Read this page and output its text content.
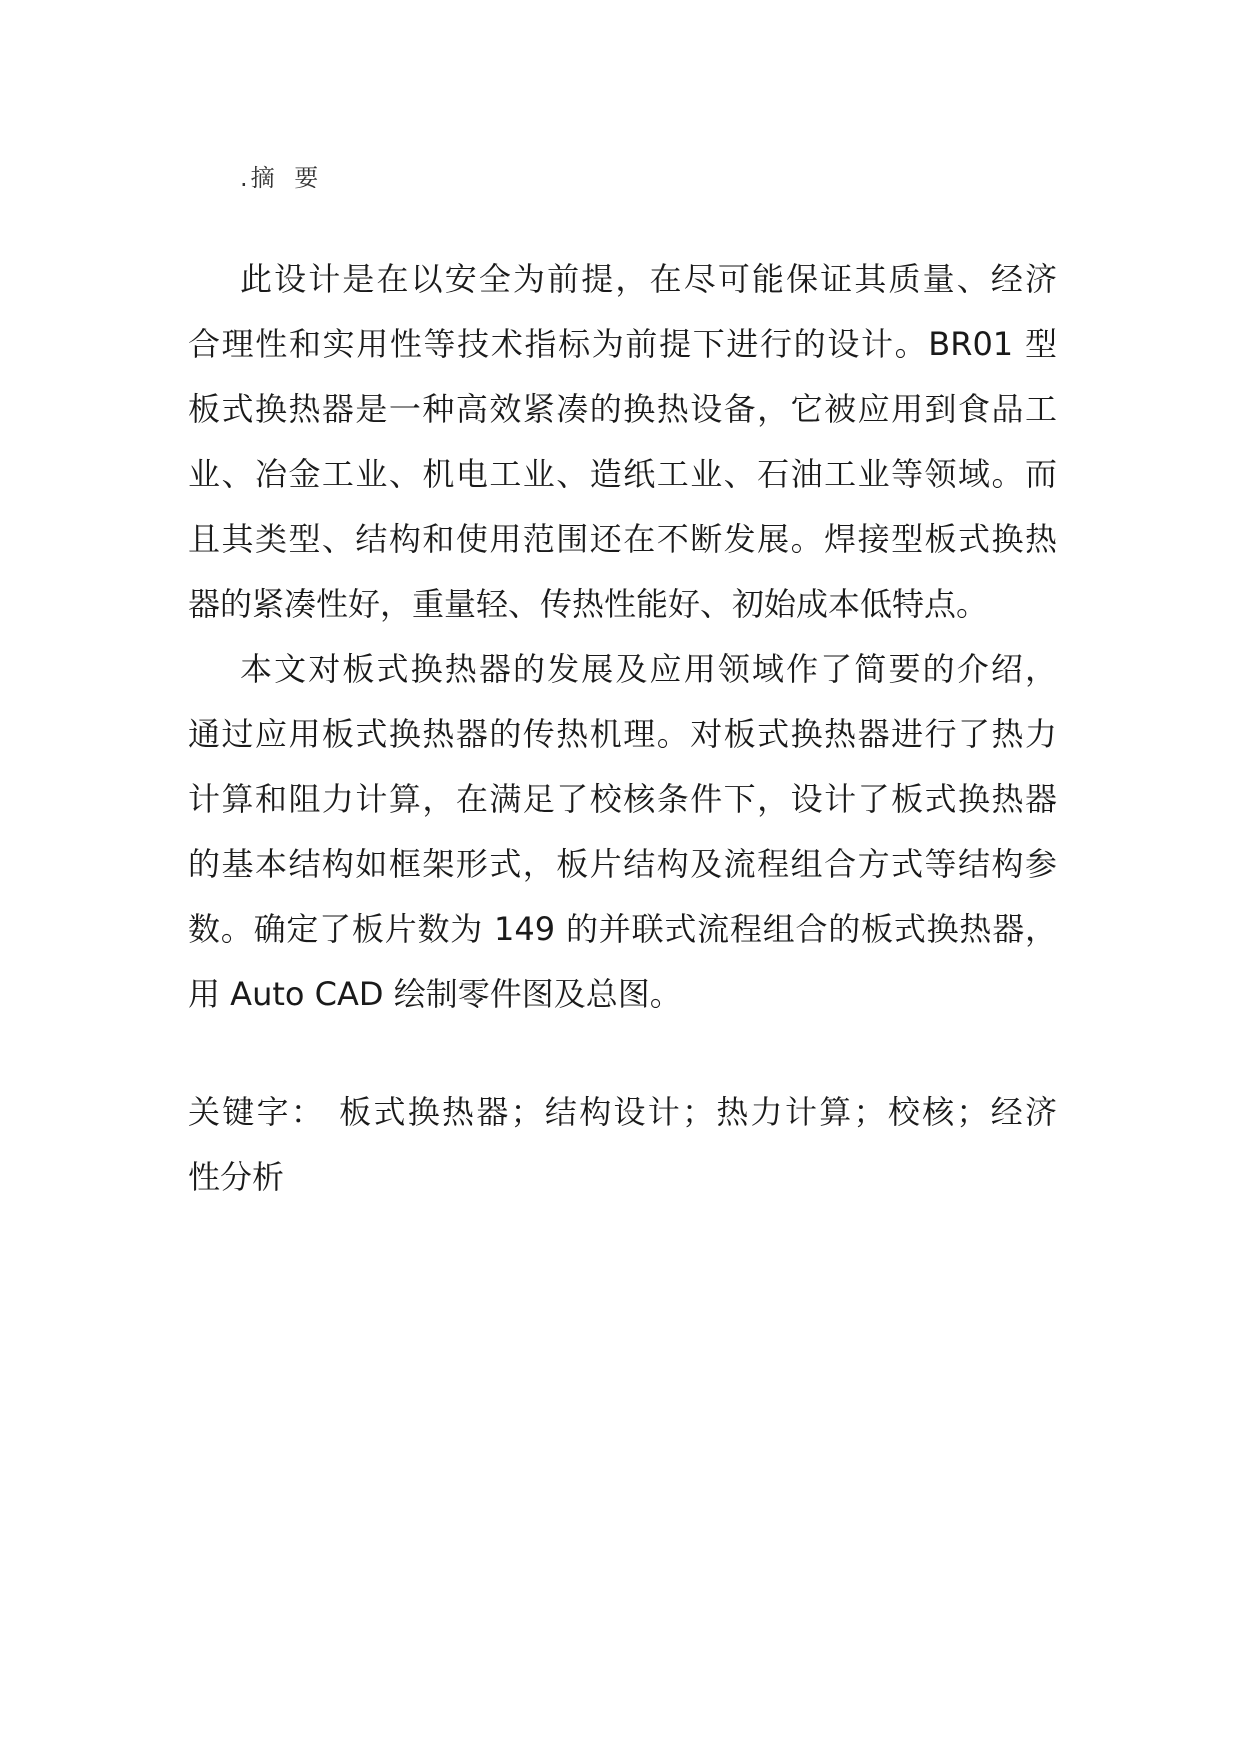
.摘 要
此设计是在以安全为前提，在尽可能保证其质量、经济
合理性和实用性等技术指标为前提下进行的设计。BR01 型
板式换热器是一种高效紧凑的换热设备，它被应用到食品工
业、冶金工业、机电工业、造纸工业、石油工业等领域。而
且其类型、结构和使用范围还在不断发展。焊接型板式换热
器的紧凑性好，重量轻、传热性能好、初始成本低特点。
本文对板式换热器的发展及应用领域作了简要的介绍，
通过应用板式换热器的传热机理。对板式换热器进行了热力
计算和阻力计算，在满足了校核条件下，设计了板式换热器
的基本结构如框架形式，板片结构及流程组合方式等结构参
数。确定了板片数为 149 的并联式流程组合的板式换热器，
用 Auto CAD 绘制零件图及总图。
关键字： 板式换热器；结构设计；热力计算；校核；经济
性分析
